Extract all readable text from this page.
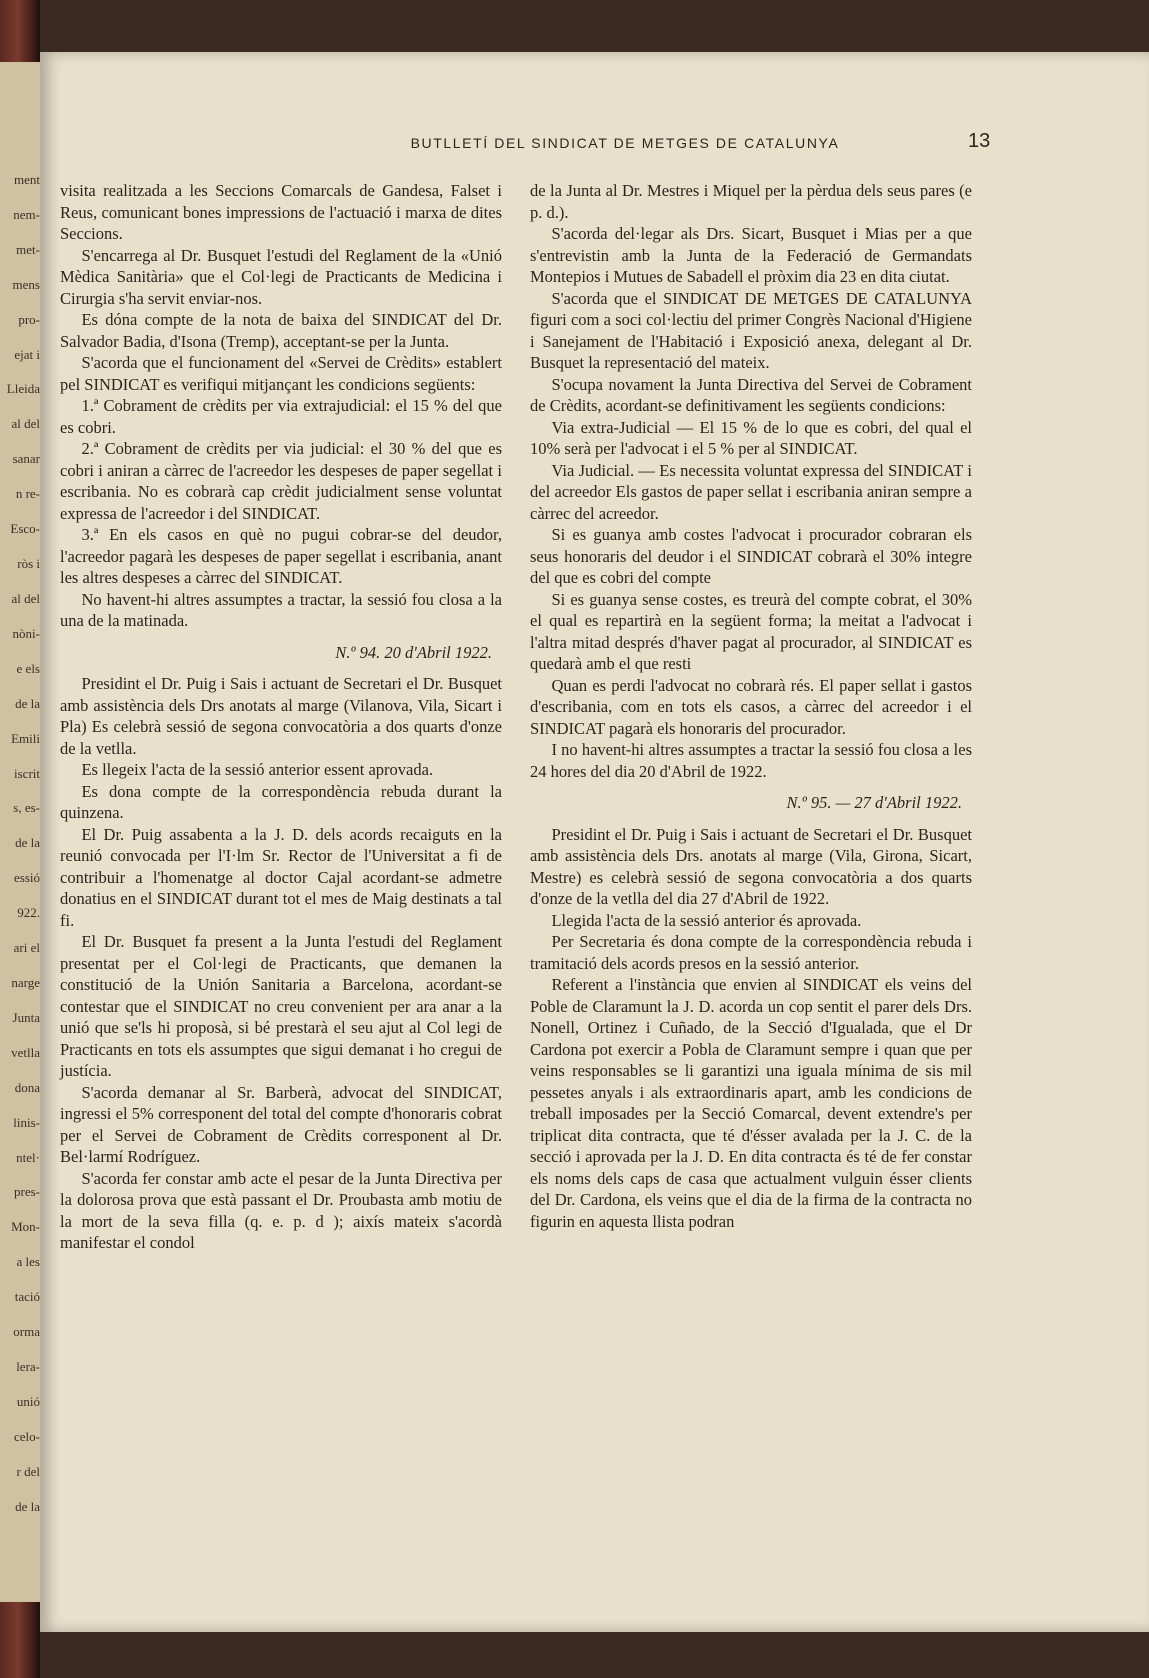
ment
nem-
met-
mens
pro-
ejat i
Lleida
al del
sanar
n re-
Esco-
ròs i
al del
nòni-
e els
de la
Emili
iscrit
s, es-
de la
essió
922.
ari el
narge
Junta
vetlla
dona
linis-
ntel·
pres-
Mon-
a les
tació
orma
lera-
unió
celo-
r del
de la
BUTLLETÍ DEL SINDICAT DE METGES DE CATALUNYA	13

visita realitzada a les Seccions Comarcals de Gandesa, Falset i Reus, comunicant bones impressions de l'actuació i marxa de dites Seccions.

S'encarrega al Dr. Busquet l'estudi del Reglament de la «Unió Mèdica Sanitària» que el Col·legi de Practicants de Medicina i Cirurgia s'ha servit enviar-nos.

Es dóna compte de la nota de baixa del SINDICAT del Dr. Salvador Badia, d'Isona (Tremp), acceptant-se per la Junta.

S'acorda que el funcionament del «Servei de Crèdits» establert pel SINDICAT es verifiqui mitjançant les condicions següents:

1.ª Cobrament de crèdits per via extrajudicial: el 15 % del que es cobri.

2.ª Cobrament de crèdits per via judicial: el 30 % del que es cobri i aniran a càrrec de l'acreedor les despeses de paper segellat i escribania. No es cobrarà cap crèdit judicialment sense voluntat expressa de l'acreedor i del SINDICAT.

3.ª En els casos en què no pugui cobrar-se del deudor, l'acreedor pagarà les despeses de paper segellat i escribania, anant les altres despeses a càrrec del SINDICAT.

No havent-hi altres assumptes a tractar, la sessió fou closa a la una de la matinada.

N.º 94. 20 d'Abril 1922.

Presidint el Dr. Puig i Sais i actuant de Secretari el Dr. Busquet amb assistència dels Drs anotats al marge (Vilanova, Vila, Sicart i Pla) Es celebrà sessió de segona convocatòria a dos quarts d'onze de la vetlla.

Es llegeix l'acta de la sessió anterior essent aprovada.

Es dona compte de la correspondència rebuda durant la quinzena.

El Dr. Puig assabenta a la J. D. dels acords recaiguts en la reunió convocada per l'I·lm Sr. Rector de l'Universitat a fi de contribuir a l'homenatge al doctor Cajal acordant-se admetre donatius en el SINDICAT durant tot el mes de Maig destinats a tal fi.

El Dr. Busquet fa present a la Junta l'estudi del Reglament presentat per el Col·legi de Practicants, que demanen la constitució de la Unión Sanitaria a Barcelona, acordant-se contestar que el SINDICAT no creu convenient per ara anar a la unió que se'ls hi proposà, si bé prestarà el seu ajut al Col legi de Practicants en tots els assumptes que sigui demanat i ho cregui de justícia.

S'acorda demanar al Sr. Barberà, advocat del SINDICAT, ingressi el 5% corresponent del total del compte d'honoraris cobrat per el Servei de Cobrament de Crèdits corresponent al Dr. Bel·larmí Rodríguez.

S'acorda fer constar amb acte el pesar de la Junta Directiva per la dolorosa prova que està passant el Dr. Proubasta amb motiu de la mort de la seva filla (q. e. p. d ); aixís mateix s'acordà manifestar el condol

de la Junta al Dr. Mestres i Miquel per la pèrdua dels seus pares (e p. d.).

S'acorda del·legar als Drs. Sicart, Busquet i Mias per a que s'entrevistin amb la Junta de la Federació de Germandats Montepios i Mutues de Sabadell el pròxim dia 23 en dita ciutat.

S'acorda que el SINDICAT DE METGES DE CATALUNYA figuri com a soci col·lectiu del primer Congrès Nacional d'Higiene i Sanejament de l'Habitació i Exposició anexa, delegant al Dr. Busquet la representació del mateix.

S'ocupa novament la Junta Directiva del Servei de Cobrament de Crèdits, acordant-se definitivament les següents condicions:

Via extra-Judicial — El 15 % de lo que es cobri, del qual el 10% serà per l'advocat i el 5 % per al SINDICAT.

Via Judicial. — Es necessita voluntat expressa del SINDICAT i del acreedor Els gastos de paper sellat i escribania aniran sempre a càrrec del acreedor.

Si es guanya amb costes l'advocat i procurador cobraran els seus honoraris del deudor i el SINDICAT cobrarà el 30% integre del que es cobri del compte

Si es guanya sense costes, es treurà del compte cobrat, el 30% el qual es repartirà en la següent forma; la meitat a l'advocat i l'altra mitad després d'haver pagat al procurador, al SINDICAT es quedarà amb el que resti

Quan es perdi l'advocat no cobrarà rés. El paper sellat i gastos d'escribania, com en tots els casos, a càrrec del acreedor i el SINDICAT pagarà els honoraris del procurador.

I no havent-hi altres assumptes a tractar la sessió fou closa a les 24 hores del dia 20 d'Abril de 1922.

N.º 95. — 27 d'Abril 1922.

Presidint el Dr. Puig i Sais i actuant de Secretari el Dr. Busquet amb assistència dels Drs. anotats al marge (Vila, Girona, Sicart, Mestre) es celebrà sessió de segona convocatòria a dos quarts d'onze de la vetlla del dia 27 d'Abril de 1922.

Llegida l'acta de la sessió anterior és aprovada.

Per Secretaria és dona compte de la correspondència rebuda i tramitació dels acords presos en la sessió anterior.

Referent a l'instància que envien al SINDICAT els veins del Poble de Claramunt la J. D. acorda un cop sentit el parer dels Drs. Nonell, Ortinez i Cuñado, de la Secció d'Igualada, que el Dr Cardona pot exercir a Pobla de Claramunt sempre i quan que per veins responsables se li garantizi una iguala mínima de sis mil pessetes anyals i als extraordinaris apart, amb les condicions de treball imposades per la Secció Comarcal, devent extendre's per triplicat dita contracta, que té d'ésser avalada per la J. C. de la secció i aprovada per la J. D. En dita contracta és té de fer constar els noms dels caps de casa que actualment vulguin ésser clients del Dr. Cardona, els veins que el dia de la firma de la contracta no figurin en aquesta llista podran
